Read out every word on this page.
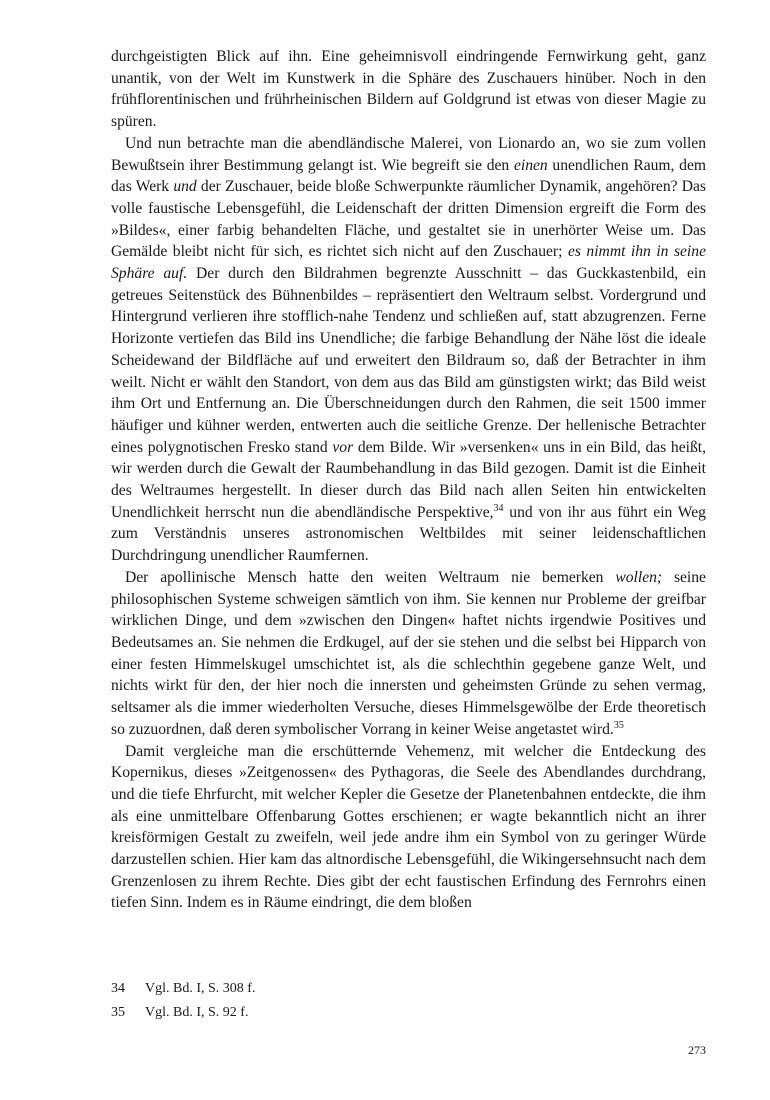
durchgeistigten Blick auf ihn. Eine geheimnisvoll eindringende Fernwirkung geht, ganz unantik, von der Welt im Kunstwerk in die Sphäre des Zuschauers hinüber. Noch in den frühflorentinischen und frührheinischen Bildern auf Goldgrund ist etwas von dieser Magie zu spüren.

Und nun betrachte man die abendländische Malerei, von Lionardo an, wo sie zum vollen Bewußtsein ihrer Bestimmung gelangt ist. Wie begreift sie den einen unendlichen Raum, dem das Werk und der Zuschauer, beide bloße Schwerpunkte räumlicher Dynamik, angehören? Das volle faustische Lebensgefühl, die Leidenschaft der dritten Dimension ergreift die Form des »Bildes«, einer farbig behandelten Fläche, und gestaltet sie in unerhörter Weise um. Das Gemälde bleibt nicht für sich, es richtet sich nicht auf den Zuschauer; es nimmt ihn in seine Sphäre auf. Der durch den Bildrahmen begrenzte Ausschnitt – das Guckkastenbild, ein getreues Seitenstück des Bühnenbildes – repräsentiert den Weltraum selbst. Vordergrund und Hintergrund verlieren ihre stofflich-nahe Tendenz und schließen auf, statt abzugrenzen. Ferne Horizonte vertiefen das Bild ins Unendliche; die farbige Behandlung der Nähe löst die ideale Scheidewand der Bildfläche auf und erweitert den Bildraum so, daß der Betrachter in ihm weilt. Nicht er wählt den Standort, von dem aus das Bild am günstigsten wirkt; das Bild weist ihm Ort und Entfernung an. Die Überschneidungen durch den Rahmen, die seit 1500 immer häufiger und kühner werden, entwerten auch die seitliche Grenze. Der hellenische Betrachter eines polygnotischen Fresko stand vor dem Bilde. Wir »versenken« uns in ein Bild, das heißt, wir werden durch die Gewalt der Raumbehandlung in das Bild gezogen. Damit ist die Einheit des Weltraumes hergestellt. In dieser durch das Bild nach allen Seiten hin entwickelten Unendlichkeit herrscht nun die abendländische Perspektive,$^{34}$ und von ihr aus führt ein Weg zum Verständnis unseres astronomischen Weltbildes mit seiner leidenschaftlichen Durchdringung unendlicher Raumfernen.

Der apollinische Mensch hatte den weiten Weltraum nie bemerken wollen; seine philosophischen Systeme schweigen sämtlich von ihm. Sie kennen nur Probleme der greifbar wirklichen Dinge, und dem »zwischen den Dingen« haftet nichts irgendwie Positives und Bedeutsames an. Sie nehmen die Erdkugel, auf der sie stehen und die selbst bei Hipparch von einer festen Himmelskugel umschichtet ist, als die schlechthin gegebene ganze Welt, und nichts wirkt für den, der hier noch die innersten und geheimsten Gründe zu sehen vermag, seltsamer als die immer wiederholten Versuche, dieses Himmelsgewölbe der Erde theoretisch so zuzuordnen, daß deren symbolischer Vorrang in keiner Weise angetastet wird.$^{35}$

Damit vergleiche man die erschütternde Vehemenz, mit welcher die Entdeckung des Kopernikus, dieses »Zeitgenossen« des Pythagoras, die Seele des Abendlandes durchdrang, und die tiefe Ehrfurcht, mit welcher Kepler die Gesetze der Planetenbahnen entdeckte, die ihm als eine unmittelbare Offenbarung Gottes erschienen; er wagte bekanntlich nicht an ihrer kreisförmigen Gestalt zu zweifeln, weil jede andre ihm ein Symbol von zu geringer Würde darzustellen schien. Hier kam das altnordische Lebensgefühl, die Wikingersehnsucht nach dem Grenzenlosen zu ihrem Rechte. Dies gibt der echt faustischen Erfindung des Fernrohrs einen tiefen Sinn. Indem es in Räume eindringt, die dem bloßen

34	Vgl. Bd. I, S. 308 f.
35	Vgl. Bd. I, S. 92 f.
273
